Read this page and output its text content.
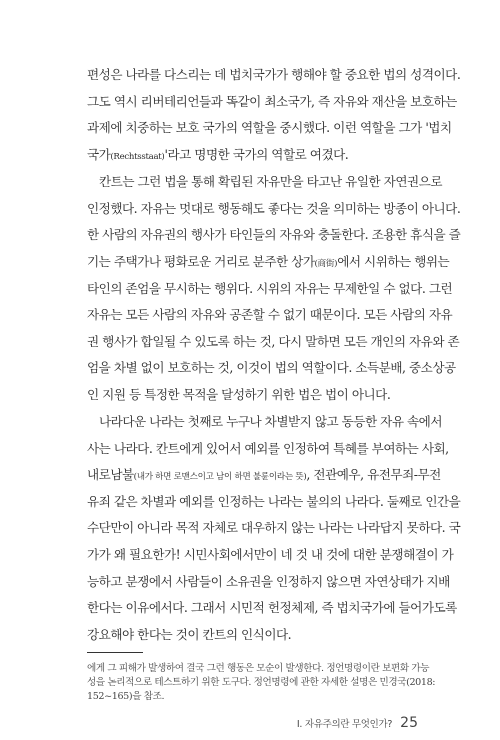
편성은 나라를 다스리는 데 법치국가가 행해야 할 중요한 법의 성격이다.
그도 역시 리버테리언들과 똑같이 최소국가, 즉 자유와 재산을 보호하는
과제에 치중하는 보호 국가의 역할을 중시했다. 이런 역할을 그가 '법치
국가(Rechtsstaat)'라고 명명한 국가의 역할로 여겼다.
칸트는 그런 법을 통해 확립된 자유만을 타고난 유일한 자연권으로
인정했다. 자유는 멋대로 행동해도 좋다는 것을 의미하는 방종이 아니다.
한 사람의 자유권의 행사가 타인들의 자유와 충돌한다. 조용한 휴식을 즐
기는 주택가나 평화로운 거리로 분주한 상가(商街)에서 시위하는 행위는
타인의 존엄을 무시하는 행위다. 시위의 자유는 무제한일 수 없다. 그런
자유는 모든 사람의 자유와 공존할 수 없기 때문이다. 모든 사람의 자유
권 행사가 합일될 수 있도록 하는 것, 다시 말하면 모든 개인의 자유와 존
엄을 차별 없이 보호하는 것, 이것이 법의 역할이다. 소득분배, 중소상공
인 지원 등 특정한 목적을 달성하기 위한 법은 법이 아니다.
나라다운 나라는 첫째로 누구나 차별받지 않고 동등한 자유 속에서
사는 나라다. 칸트에게 있어서 예외를 인정하여 특혜를 부여하는 사회,
내로남불(내가 하면 로맨스이고 남이 하면 불륜이라는 뜻), 전관예우, 유전무죄-무전
유죄 같은 차별과 예외를 인정하는 나라는 불의의 나라다. 둘째로 인간을
수단만이 아니라 목적 자체로 대우하지 않는 나라는 나라답지 못하다. 국
가가 왜 필요한가! 시민사회에서만이 네 것 내 것에 대한 분쟁해결이 가
능하고 분쟁에서 사람들이 소유권을 인정하지 않으면 자연상태가 지배
한다는 이유에서다. 그래서 시민적 헌정체제, 즉 법치국가에 들어가도록
강요해야 한다는 것이 칸트의 인식이다.
에게 그 피해가 발생하여 결국 그런 행동은 모순이 발생한다. 정언명령이란 보편화 가능
성을 논리적으로 테스트하기 위한 도구다. 정언명령에 관한 자세한 설명은 민경국(2018:
152~165)을 참조.
I. 자유주의란 무엇인가? 25
